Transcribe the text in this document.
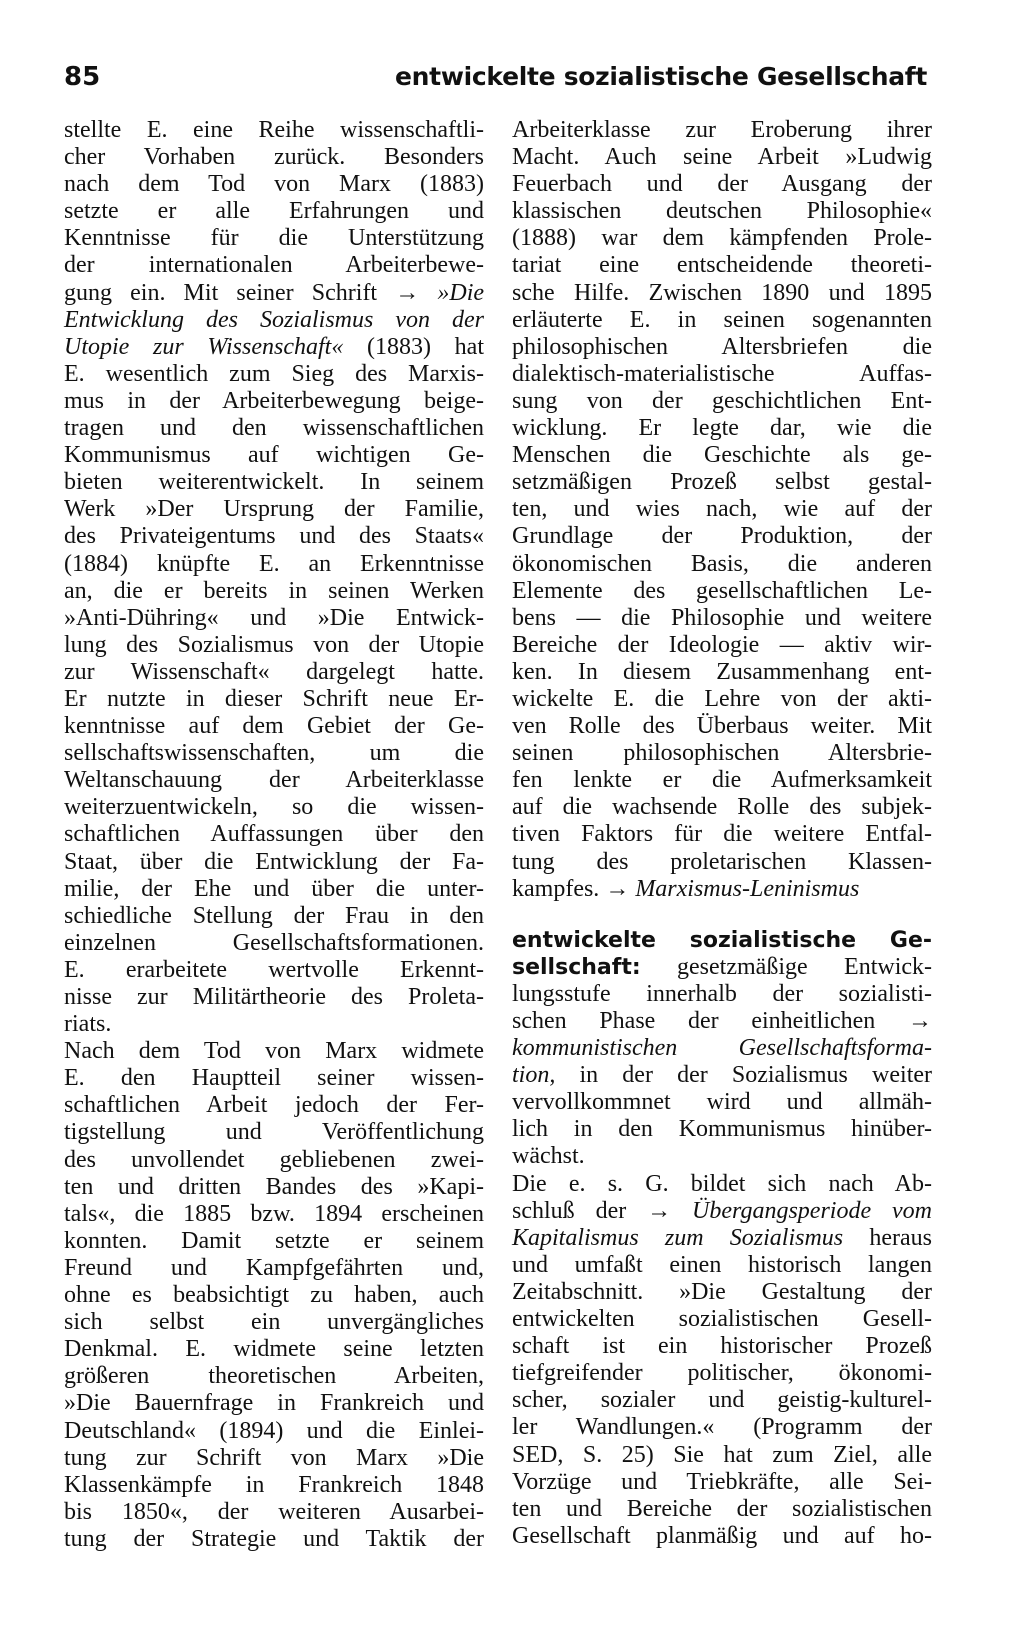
85	entwickelte sozialistische Gesellschaft
stellte E. eine Reihe wissenschaftli-
cher Vorhaben zurück. Besonders
nach dem Tod von Marx (1883)
setzte er alle Erfahrungen und
Kenntnisse für die Unterstützung
der internationalen Arbeiterbewe-
gung ein. Mit seiner Schrift → »Die
Entwicklung des Sozialismus von der
Utopie zur Wissenschaft« (1883) hat
E. wesentlich zum Sieg des Marxis-
mus in der Arbeiterbewegung beige-
tragen und den wissenschaftlichen
Kommunismus auf wichtigen Ge-
bieten weiterentwickelt. In seinem
Werk »Der Ursprung der Familie,
des Privateigentums und des Staats«
(1884) knüpfte E. an Erkenntnisse
an, die er bereits in seinen Werken
»Anti-Dühring« und »Die Entwick-
lung des Sozialismus von der Utopie
zur Wissenschaft« dargelegt hatte.
Er nutzte in dieser Schrift neue Er-
kenntnisse auf dem Gebiet der Ge-
sellschaftswissenschaften, um die
Weltanschauung der Arbeiterklasse
weiterzuentwickeln, so die wissen-
schaftlichen Auffassungen über den
Staat, über die Entwicklung der Fa-
milie, der Ehe und über die unter-
schiedliche Stellung der Frau in den
einzelnen Gesellschaftsformationen.
E. erarbeitete wertvolle Erkennt-
nisse zur Militärtheorie des Proleta-
riats.
Nach dem Tod von Marx widmete
E. den Hauptteil seiner wissen-
schaftlichen Arbeit jedoch der Fer-
tigstellung und Veröffentlichung
des unvollendet gebliebenen zwei-
ten und dritten Bandes des »Kapi-
tals«, die 1885 bzw. 1894 erscheinen
konnten. Damit setzte er seinem
Freund und Kampfgefährten und,
ohne es beabsichtigt zu haben, auch
sich selbst ein unvergängliches
Denkmal. E. widmete seine letzten
größeren theoretischen Arbeiten,
»Die Bauernfrage in Frankreich und
Deutschland« (1894) und die Einlei-
tung zur Schrift von Marx »Die
Klassenkämpfe in Frankreich 1848
bis 1850«, der weiteren Ausarbei-
tung der Strategie und Taktik der
Arbeiterklasse zur Eroberung ihrer
Macht. Auch seine Arbeit »Ludwig
Feuerbach und der Ausgang der
klassischen deutschen Philosophie«
(1888) war dem kämpfenden Prole-
tariat eine entscheidende theoreti-
sche Hilfe. Zwischen 1890 und 1895
erläuterte E. in seinen sogenannten
philosophischen Altersbriefen die
dialektisch-materialistische Auffas-
sung von der geschichtlichen Ent-
wicklung. Er legte dar, wie die
Menschen die Geschichte als ge-
setzmäßigen Prozeß selbst gestal-
ten, und wies nach, wie auf der
Grundlage der Produktion, der
ökonomischen Basis, die anderen
Elemente des gesellschaftlichen Le-
bens — die Philosophie und weitere
Bereiche der Ideologie — aktiv wir-
ken. In diesem Zusammenhang ent-
wickelte E. die Lehre von der akti-
ven Rolle des Überbaus weiter. Mit
seinen philosophischen Altersbrie-
fen lenkte er die Aufmerksamkeit
auf die wachsende Rolle des subjek-
tiven Faktors für die weitere Entfal-
tung des proletarischen Klassen-
kampfes. → Marxismus-Leninismus
entwickelte sozialistische Ge-
sellschaft: gesetzmäßige Entwick-
lungsstufe innerhalb der sozialisti-
schen Phase der einheitlichen →
kommunistischen Gesellschaftsforma-
tion, in der der Sozialismus weiter
vervollkommnet wird und allmäh-
lich in den Kommunismus hinüber-
wächst.
Die e. s. G. bildet sich nach Ab-
schluß der → Übergangsperiode vom
Kapitalismus zum Sozialismus heraus
und umfaßt einen historisch langen
Zeitabschnitt. »Die Gestaltung der
entwickelten sozialistischen Gesell-
schaft ist ein historischer Prozeß
tiefgreifender politischer, ökonomi-
scher, sozialer und geistig-kulturel-
ler Wandlungen.« (Programm der
SED, S. 25) Sie hat zum Ziel, alle
Vorzüge und Triebkräfte, alle Sei-
ten und Bereiche der sozialistischen
Gesellschaft planmäßig und auf ho-
